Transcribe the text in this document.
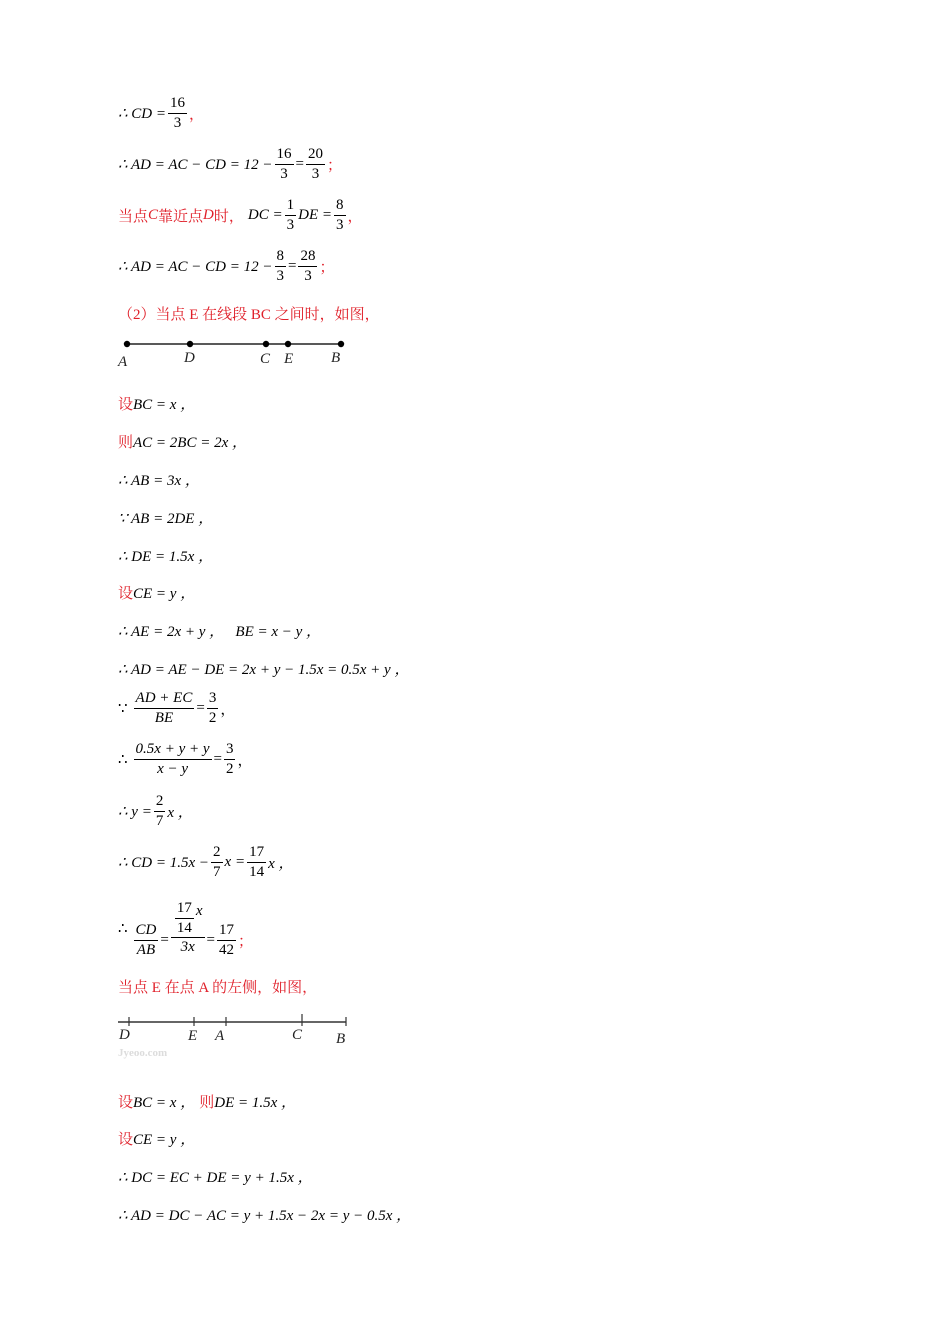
∴ CD = $\frac{16}{3}$ ，
∴ AD = AC − CD = $12 - \frac{16}{3} = \frac{20}{3}$ ；
当点 C 靠近点 D 时， DC = $\frac{1}{3}$ DE = $\frac{8}{3}$ ，
∴ AD = AC − CD = $12 - \frac{8}{3} = \frac{28}{3}$ ；
（2）当点 E 在线段 BC 之间时，如图，
A	D	C E	B
设 BC = x ，
则 AC = 2BC = 2x ，
∴ AB = 3x ，
∵ AB = 2DE ，
∴ DE = 1.5x ，
设 CE = y ，
∴ AE = 2x + y ，   BE = x − y ，
∴ AD = AE − DE = 2x + y − 1.5x = 0.5x + y ，
∵ $\frac{AD + EC}{BE} = \frac{3}{2}$ ，
∴ $\frac{0.5x + y + y}{x - y} = \frac{3}{2}$ ，
∴ $y = \frac{2}{7}$ x ，
∴ CD = $1.5x - \frac{2}{7}$ $x = \frac{17}{14}$ x ，
∴ $\frac{CD}{AB} = \frac{\frac{17}{14} x}{3x} = \frac{17}{42}$ ；
当点 E 在点 A 的左侧，如图，
D	E A	C B
Jyeoo.com
设 BC = x ， 则 DE = 1.5x ，
设 CE = y ，
∴ DC = EC + DE = y + 1.5x ，
∴ AD = DC − AC = y + 1.5x − 2x = y − 0.5x ，
